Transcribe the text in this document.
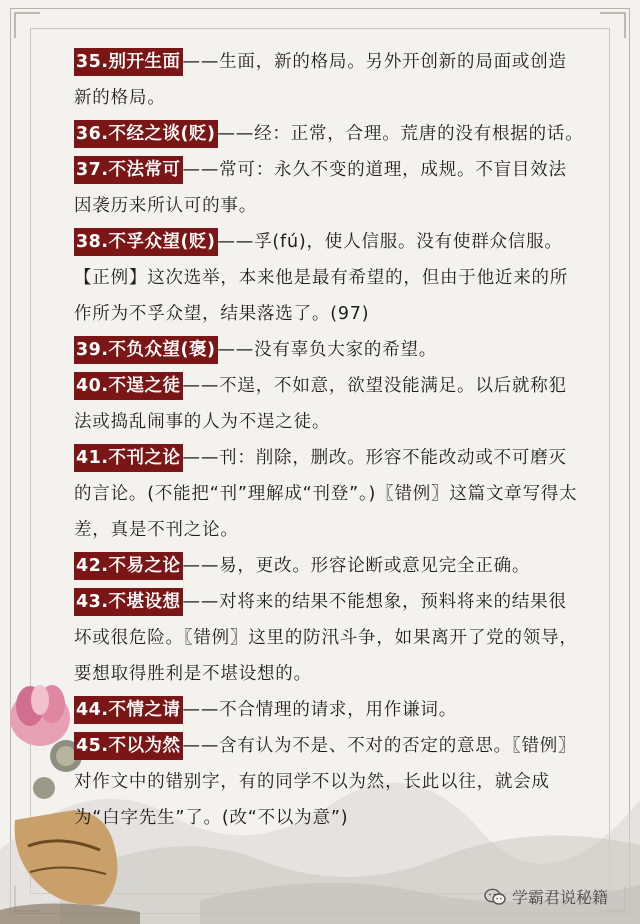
35.别开生面 ——生面，新的格局。另外开创新的局面或创造新的格局。

36.不经之谈(贬) ——经：正常，合理。荒唐的没有根据的话。

37.不法常可 ——常可：永久不变的道理，成规。不盲目效法因袭历来所认可的事。

38.不孚众望(贬) ——孚(fú)，使人信服。没有使群众信服。【正例】这次选举，本来他是最有希望的，但由于他近来的所作所为不孚众望，结果落选了。(97)

39.不负众望(褒) ——没有辜负大家的希望。

40.不逞之徒 ——不逞，不如意，欲望没能满足。以后就称犯法或捣乱闹事的人为不逞之徒。

41.不刊之论 ——刊：削除，删改。形容不能改动或不可磨灭的言论。(不能把“刊”理解成“刊登”。)〖错例〗这篇文章写得太差，真是不刊之论。

42.不易之论 ——易，更改。形容论断或意见完全正确。

43.不堪设想 ——对将来的结果不能想象，预料将来的结果很坏或很危险。〖错例〗这里的防汛斗争，如果离开了党的领导，要想取得胜利是不堪设想的。

44.不情之请 ——不合情理的请求，用作谦词。

45.不以为然 ——含有认为不是、不对的否定的意思。〖错例〗对作文中的错别字，有的同学不以为然，长此以往，就会成为“白字先生”了。(改“不以为意”)

学霸君说秘籍
